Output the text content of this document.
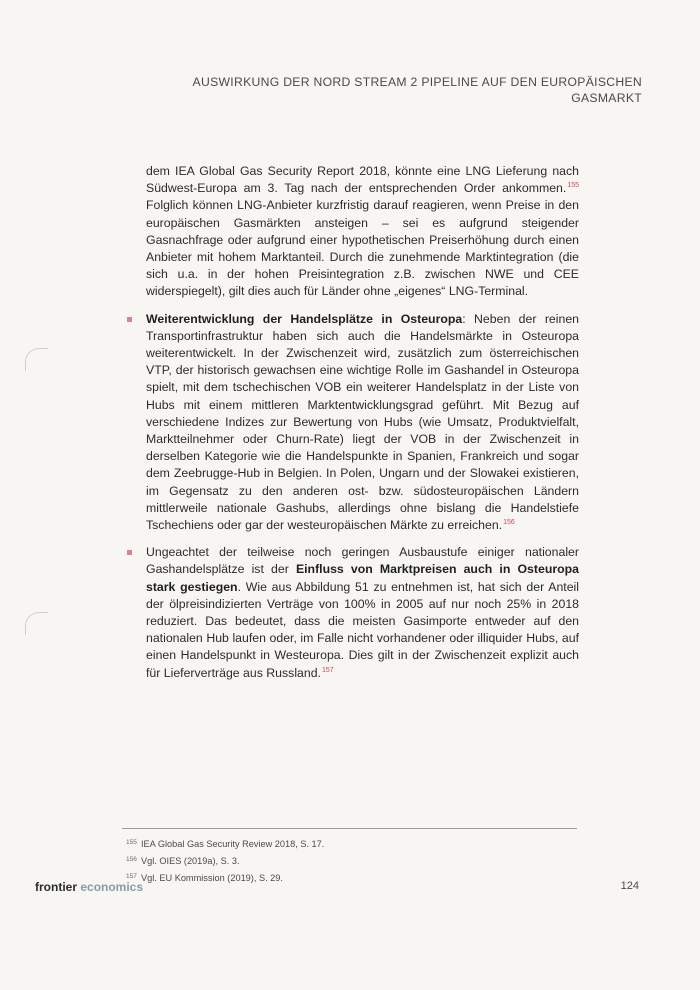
AUSWIRKUNG DER NORD STREAM 2 PIPELINE AUF DEN EUROPÄISCHEN
GASMARKT

dem IEA Global Gas Security Report 2018, könnte eine LNG Lieferung nach Südwest-Europa am 3. Tag nach der entsprechenden Order ankommen.$^{155}$ Folglich können LNG-Anbieter kurzfristig darauf reagieren, wenn Preise in den europäischen Gasmärkten ansteigen – sei es aufgrund steigender Gasnachfrage oder aufgrund einer hypothetischen Preiserhöhung durch einen Anbieter mit hohem Marktanteil. Durch die zunehmende Marktintegration (die sich u.a. in der hohen Preisintegration z.B. zwischen NWE und CEE widerspiegelt), gilt dies auch für Länder ohne „eigenes“ LNG-Terminal.

Weiterentwicklung der Handelsplätze in Osteuropa: Neben der reinen Transportinfrastruktur haben sich auch die Handelsmärkte in Osteuropa weiterentwickelt. In der Zwischenzeit wird, zusätzlich zum österreichischen VTP, der historisch gewachsen eine wichtige Rolle im Gashandel in Osteuropa spielt, mit dem tschechischen VOB ein weiterer Handelsplatz in der Liste von Hubs mit einem mittleren Marktentwicklungsgrad geführt. Mit Bezug auf verschiedene Indizes zur Bewertung von Hubs (wie Umsatz, Produktvielfalt, Marktteilnehmer oder Churn-Rate) liegt der VOB in der Zwischenzeit in derselben Kategorie wie die Handelspunkte in Spanien, Frankreich und sogar dem Zeebrugge-Hub in Belgien. In Polen, Ungarn und der Slowakei existieren, im Gegensatz zu den anderen ost- bzw. südosteuropäischen Ländern mittlerweile nationale Gashubs, allerdings ohne bislang die Handelstiefe Tschechiens oder gar der westeuropäischen Märkte zu erreichen.$^{156}$

Ungeachtet der teilweise noch geringen Ausbaustufe einiger nationaler Gashandelsplätze ist der Einfluss von Marktpreisen auch in Osteuropa stark gestiegen. Wie aus Abbildung 51 zu entnehmen ist, hat sich der Anteil der ölpreisindizierten Verträge von 100% in 2005 auf nur noch 25% in 2018 reduziert. Das bedeutet, dass die meisten Gasimporte entweder auf den nationalen Hub laufen oder, im Falle nicht vorhandener oder illiquider Hubs, auf einen Handelspunkt in Westeuropa. Dies gilt in der Zwischenzeit explizit auch für Lieferverträge aus Russland.$^{157}$

155 IEA Global Gas Security Review 2018, S. 17.
156 Vgl. OIES (2019a), S. 3.
157 Vgl. EU Kommission (2019), S. 29.
frontier economics	124
